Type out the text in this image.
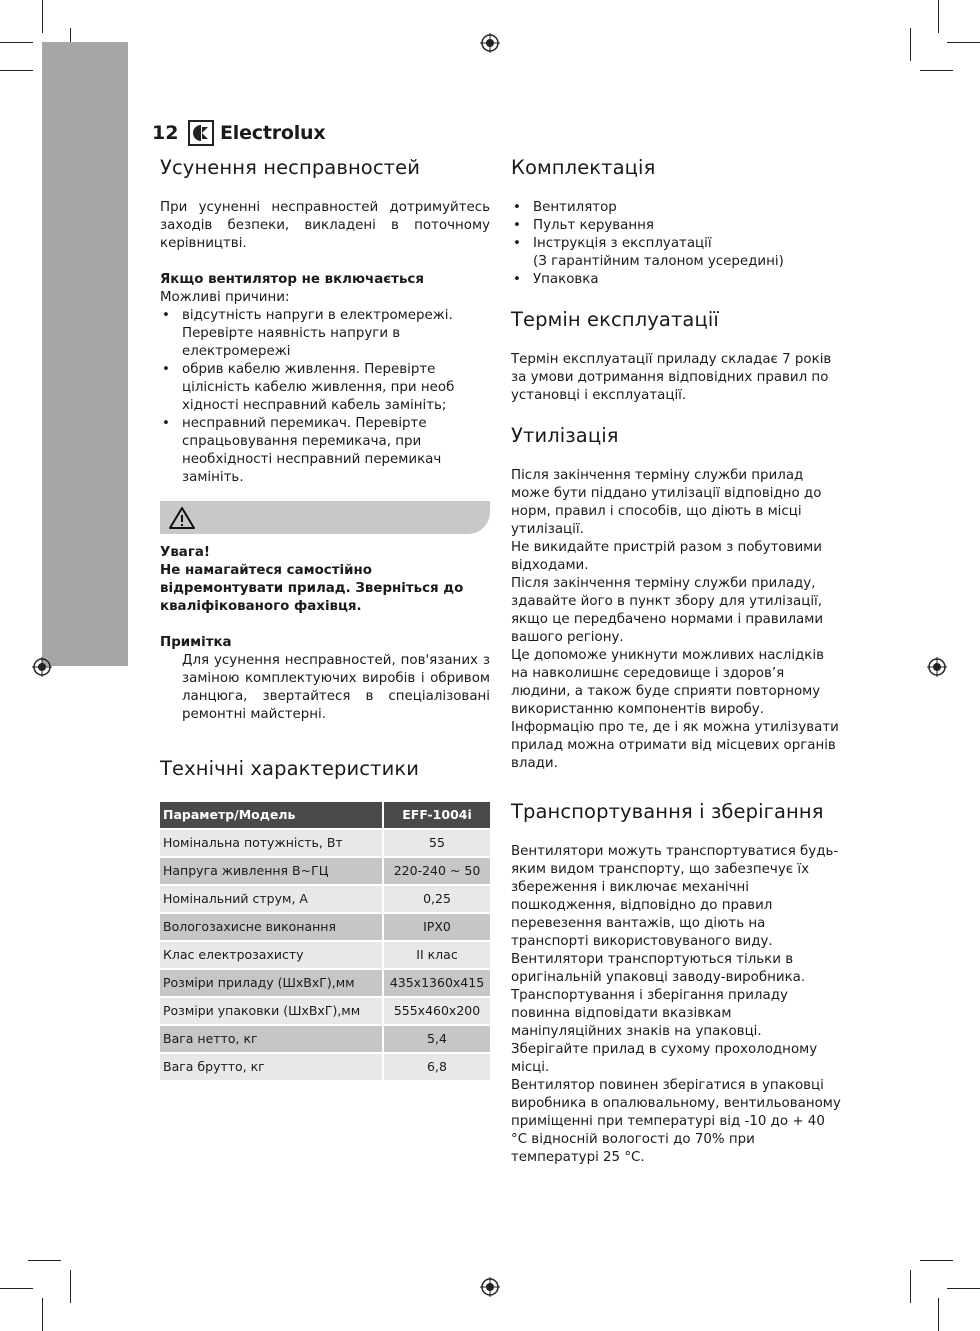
12	Electrolux
Усунення несправностей

При усуненні несправностей дотримуйтесь заходів безпеки, викладені в поточному керівництві.

Якщо вентилятор не включається

Можливі причини:

• відсутність напруги в електромережі. Перевірте наявність напруги в електромережі
• обрив кабелю живлення. Перевірте цілісність кабелю живлення, при необ хідності несправний кабель замініть;
• несправний перемикач. Перевірте спрацьовування перемикача, при необхідності несправний перемикач замініть.

Увага!

Не намагайтеся самостійно відремонтувати прилад. Зверніться до кваліфікованого фахівця.

Примітка

Для усунення несправностей, пов'язаних з заміною комплектуючих виробів і обривом ланцюга, звертайтеся в спеціалізовані ремонтні майстерні.

Технічні характеристики
Параметр/Модель	EFF-1004i
Номінальна потужність, Вт	55
Напруга живлення В~ГЦ	220-240 ~ 50
Номінальний струм, А	0,25
Вологозахисне виконання	IPX0
Клас електрозахисту	II клас
Розміри приладу (ШхВхГ),мм	435х1360х415
Розміри упаковки (ШхВхГ),мм	555х460х200
Вага нетто, кг	5,4
Вага брутто, кг	6,8
Комплектація
• Вентилятор
• Пульт керування
• Інструкція з експлуатації
(З гарантійним талоном усередині)
• Упаковка
Термін експлуатації

Термін експлуатації приладу складає 7 років за умови дотримання відповідних правил по установці і експлуатації.

Утилізація

Після закінчення терміну служби прилад може бути піддано утилізації відповідно до норм, правил і способів, що діють в місці утилізації.

Не викидайте пристрій разом з побутовими відходами.

Після закінчення терміну служби приладу, здавайте його в пункт збору для утилізації, якщо це передбачено нормами і правилами вашого регіону.

Це допоможе уникнути можливих наслідків на навколишнє середовище і здоров’я людини, а також буде сприяти повторному використанню компонентів виробу.

Інформацію про те, де і як можна утилізувати прилад можна отримати від місцевих органів влади.

Транспортування і зберігання

Вентилятори можуть транспортуватися будь-яким видом транспорту, що забезпечує їх збереження і виключає механічні пошкодження, відповідно до правил перевезення вантажів, що діють на транспорті використовуваного виду. Вентилятори транспортуються тільки в оригінальній упаковці заводу-виробника. Транспортування і зберігання приладу повинна відповідати вказівкам маніпуляційних знаків на упаковці. Зберігайте прилад в сухому прохолодному місці.

Вентилятор повинен зберігатися в упаковці виробника в опалювальному, вентильованому приміщенні при температурі від -10 до + 40 °C відносній вологості до 70% при температурі 25 °C.
